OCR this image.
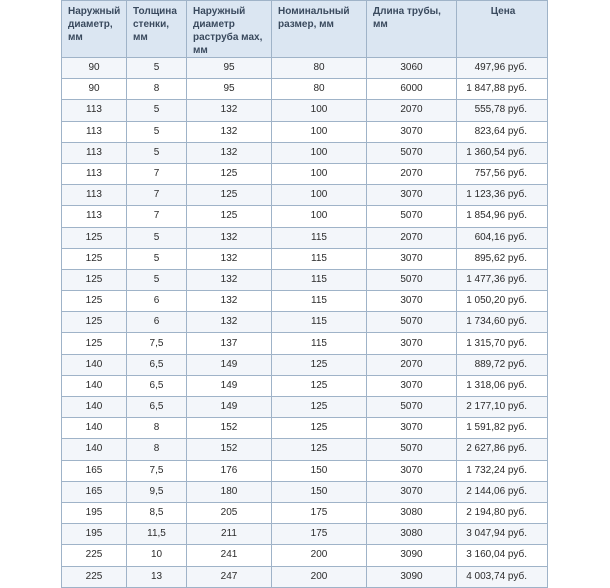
Наружный диаметр, мм	Толщина стенки, мм	Наружный диаметр раструба мах, мм	Номинальный размер, мм	Длина трубы, мм	Цена
90	5	95	80	3060	497,96 руб.
90	8	95	80	6000	1 847,88 руб.
113	5	132	100	2070	555,78 руб.
113	5	132	100	3070	823,64 руб.
113	5	132	100	5070	1 360,54 руб.
113	7	125	100	2070	757,56 руб.
113	7	125	100	3070	1 123,36 руб.
113	7	125	100	5070	1 854,96 руб.
125	5	132	115	2070	604,16 руб.
125	5	132	115	3070	895,62 руб.
125	5	132	115	5070	1 477,36 руб.
125	6	132	115	3070	1 050,20 руб.
125	6	132	115	5070	1 734,60 руб.
125	7,5	137	115	3070	1 315,70 руб.
140	6,5	149	125	2070	889,72 руб.
140	6,5	149	125	3070	1 318,06 руб.
140	6,5	149	125	5070	2 177,10 руб.
140	8	152	125	3070	1 591,82 руб.
140	8	152	125	5070	2 627,86 руб.
165	7,5	176	150	3070	1 732,24 руб.
165	9,5	180	150	3070	2 144,06 руб.
195	8,5	205	175	3080	2 194,80 руб.
195	11,5	211	175	3080	3 047,94 руб.
225	10	241	200	3090	3 160,04 руб.
225	13	247	200	3090	4 003,74 руб.
